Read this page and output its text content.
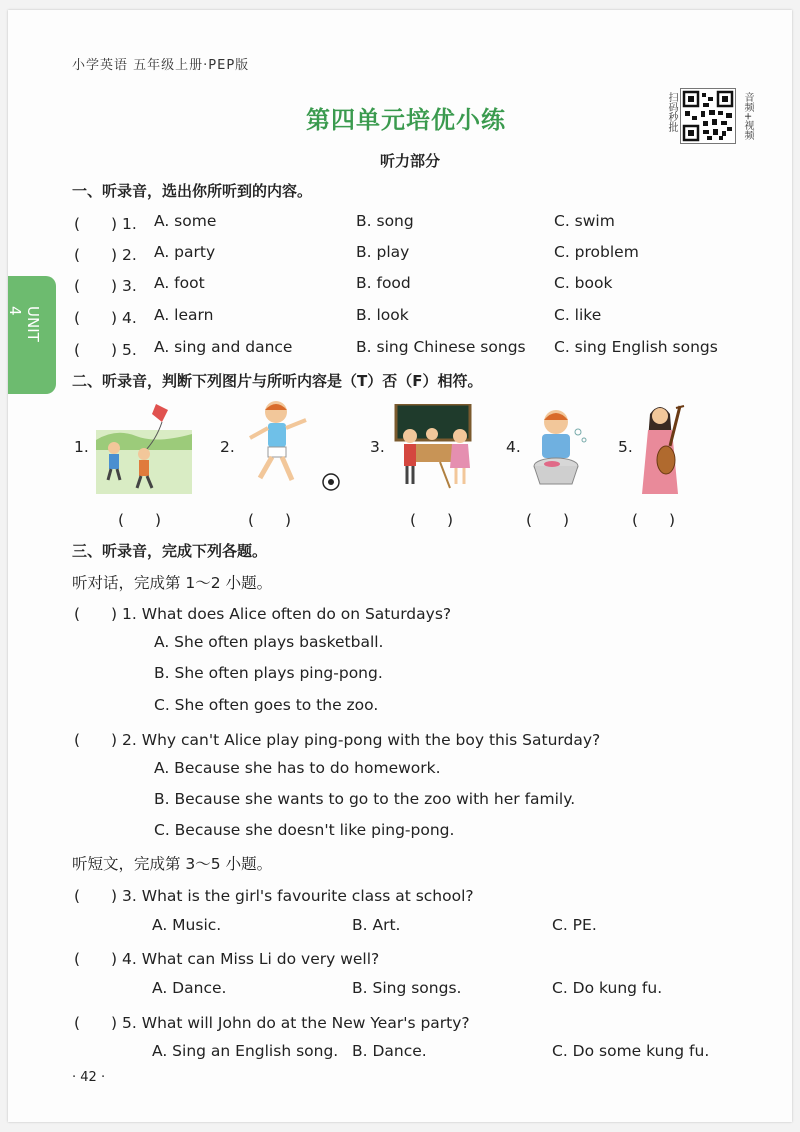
小学英语 五年级上册·PEP版
第四单元培优小练	扫码秒批	音频+视频
UNIT 4
听力部分
一、听录音，选出你所听到的内容。
(　　) 1. A. some	B. song	C. swim
(　　) 2. A. party	B. play	C. problem
(　　) 3. A. foot	B. food	C. book
(　　) 4. A. learn	B. look	C. like
(　　) 5. A. sing and dance	B. sing Chinese songs C. sing English songs
二、听录音，判断下列图片与所听内容是（T）否（F）相符。
1.
(　　)
2.
(　　)
3.
(　　)
4.
(　　)
5.
(　　)
三、听录音，完成下列各题。
听对话，完成第 1～2 小题。
(　　) 1. What does Alice often do on Saturdays?
A. She often plays basketball.
B. She often plays ping-pong.
C. She often goes to the zoo.
(　　) 2. Why can't Alice play ping-pong with the boy this Saturday?
A. Because she has to do homework.
B. Because she wants to go to the zoo with her family.
C. Because she doesn't like ping-pong.
听短文，完成第 3～5 小题。
(　　) 3. What is the girl's favourite class at school?
A. Music.	B. Art.	C. PE.
(　　) 4. What can Miss Li do very well?
A. Dance.	B. Sing songs.	C. Do kung fu.
(　　) 5. What will John do at the New Year's party?
A. Sing an English song. B. Dance.	C. Do some kung fu.
· 42 ·
